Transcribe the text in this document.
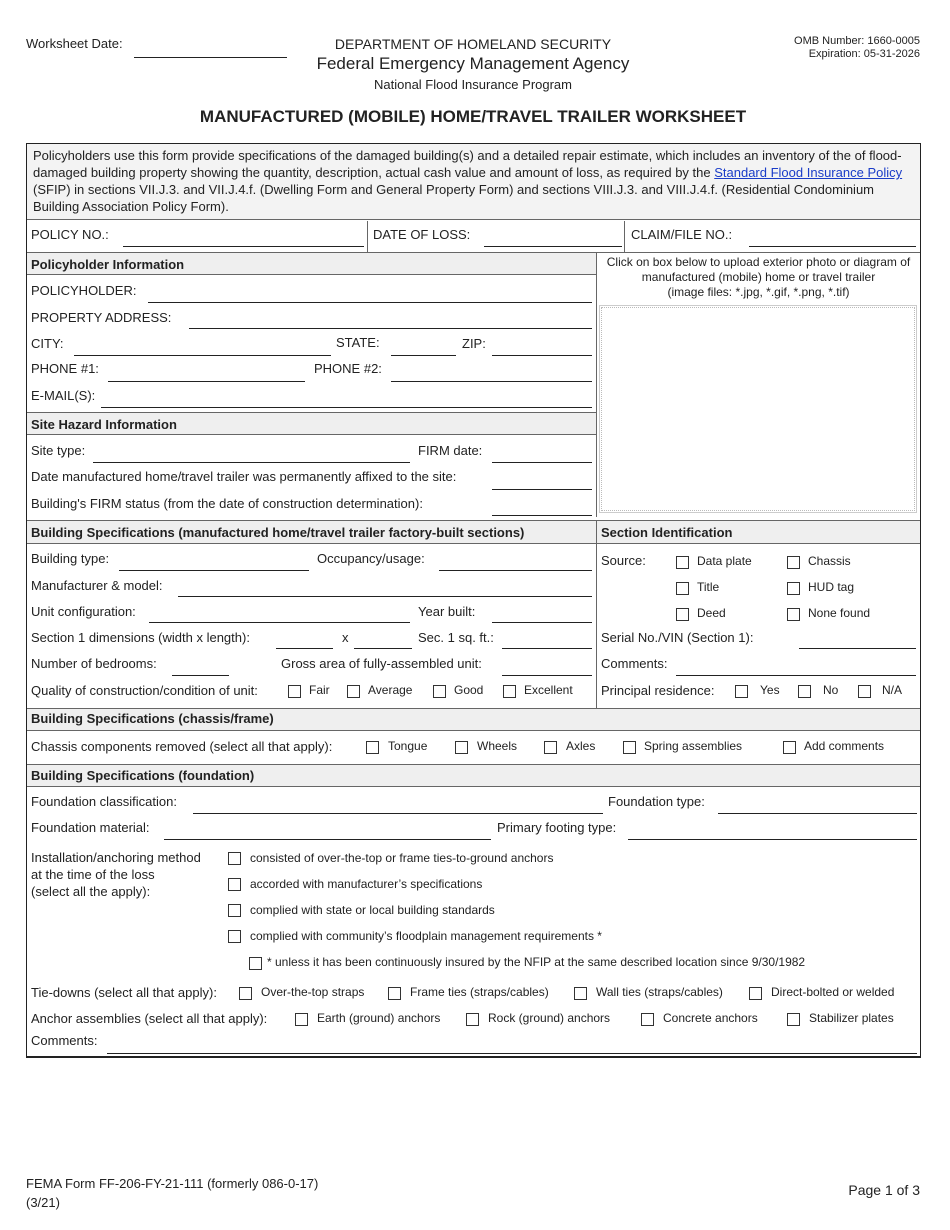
Worksheet Date:	DEPARTMENT OF HOMELAND SECURITY
Federal Emergency Management Agency
National Flood Insurance Program
OMB Number: 1660-0005
Expiration: 05-31-2026
MANUFACTURED (MOBILE) HOME/TRAVEL TRAILER WORKSHEET
Policyholders use this form provide specifications of the damaged building(s) and a detailed repair estimate, which includes an inventory of the of flood-damaged building property showing the quantity, description, actual cash value and amount of loss, as required by the Standard Flood Insurance Policy (SFIP) in sections VII.J.3. and VII.J.4.f. (Dwelling Form and General Property Form) and sections VIII.J.3. and VIII.J.4.f. (Residential Condominium Building Association Policy Form).
POLICY NO.:	DATE OF LOSS:	CLAIM/FILE NO.:
Policyholder Information
POLICYHOLDER:
PROPERTY ADDRESS:
CITY:	STATE:	ZIP:
PHONE #1:	PHONE #2:
E-MAIL(S):
Click on box below to upload exterior photo or diagram of
manufactured (mobile) home or travel trailer
(image files: *.jpg, *.gif, *.png, *.tif)
Site Hazard Information
Site type:	FIRM date:
Date manufactured home/travel trailer was permanently affixed to the site:
Building's FIRM status (from the date of construction determination):
Building Specifications (manufactured home/travel trailer factory-built sections)	Section Identification
Building type:	Occupancy/usage:
Manufacturer & model:
Unit configuration:	Year built:
Section 1 dimensions (width x length):	x	Sec. 1 sq. ft.:
Number of bedrooms:	Gross area of fully-assembled unit:
Quality of construction/condition of unit:	Fair	Average	Good	Excellent
Source:	Data plate	Chassis
Title	HUD tag
Deed	None found
Serial No./VIN (Section 1):
Comments:
Principal residence:	Yes	No	N/A
Building Specifications (chassis/frame)
Chassis components removed (select all that apply):	Tongue	Wheels	Axles	Spring assemblies	Add comments
Building Specifications (foundation)
Foundation classification:	Foundation type:
Foundation material:	Primary footing type:
Installation/anchoring method
at the time of the loss
(select all the apply):
consisted of over-the-top or frame ties-to-ground anchors
accorded with manufacturer’s specifications
complied with state or local building standards
complied with community’s floodplain management requirements *
* unless it has been continuously insured by the NFIP at the same described location since 9/30/1982
Tie-downs (select all that apply):	Over-the-top straps	Frame ties (straps/cables)	Wall ties (straps/cables)	Direct-bolted or welded
Anchor assemblies (select all that apply):	Earth (ground) anchors	Rock (ground) anchors	Concrete anchors	Stabilizer plates
Comments:
FEMA Form FF-206-FY-21-111 (formerly 086-0-17)
(3/21)
Page 1 of 3
